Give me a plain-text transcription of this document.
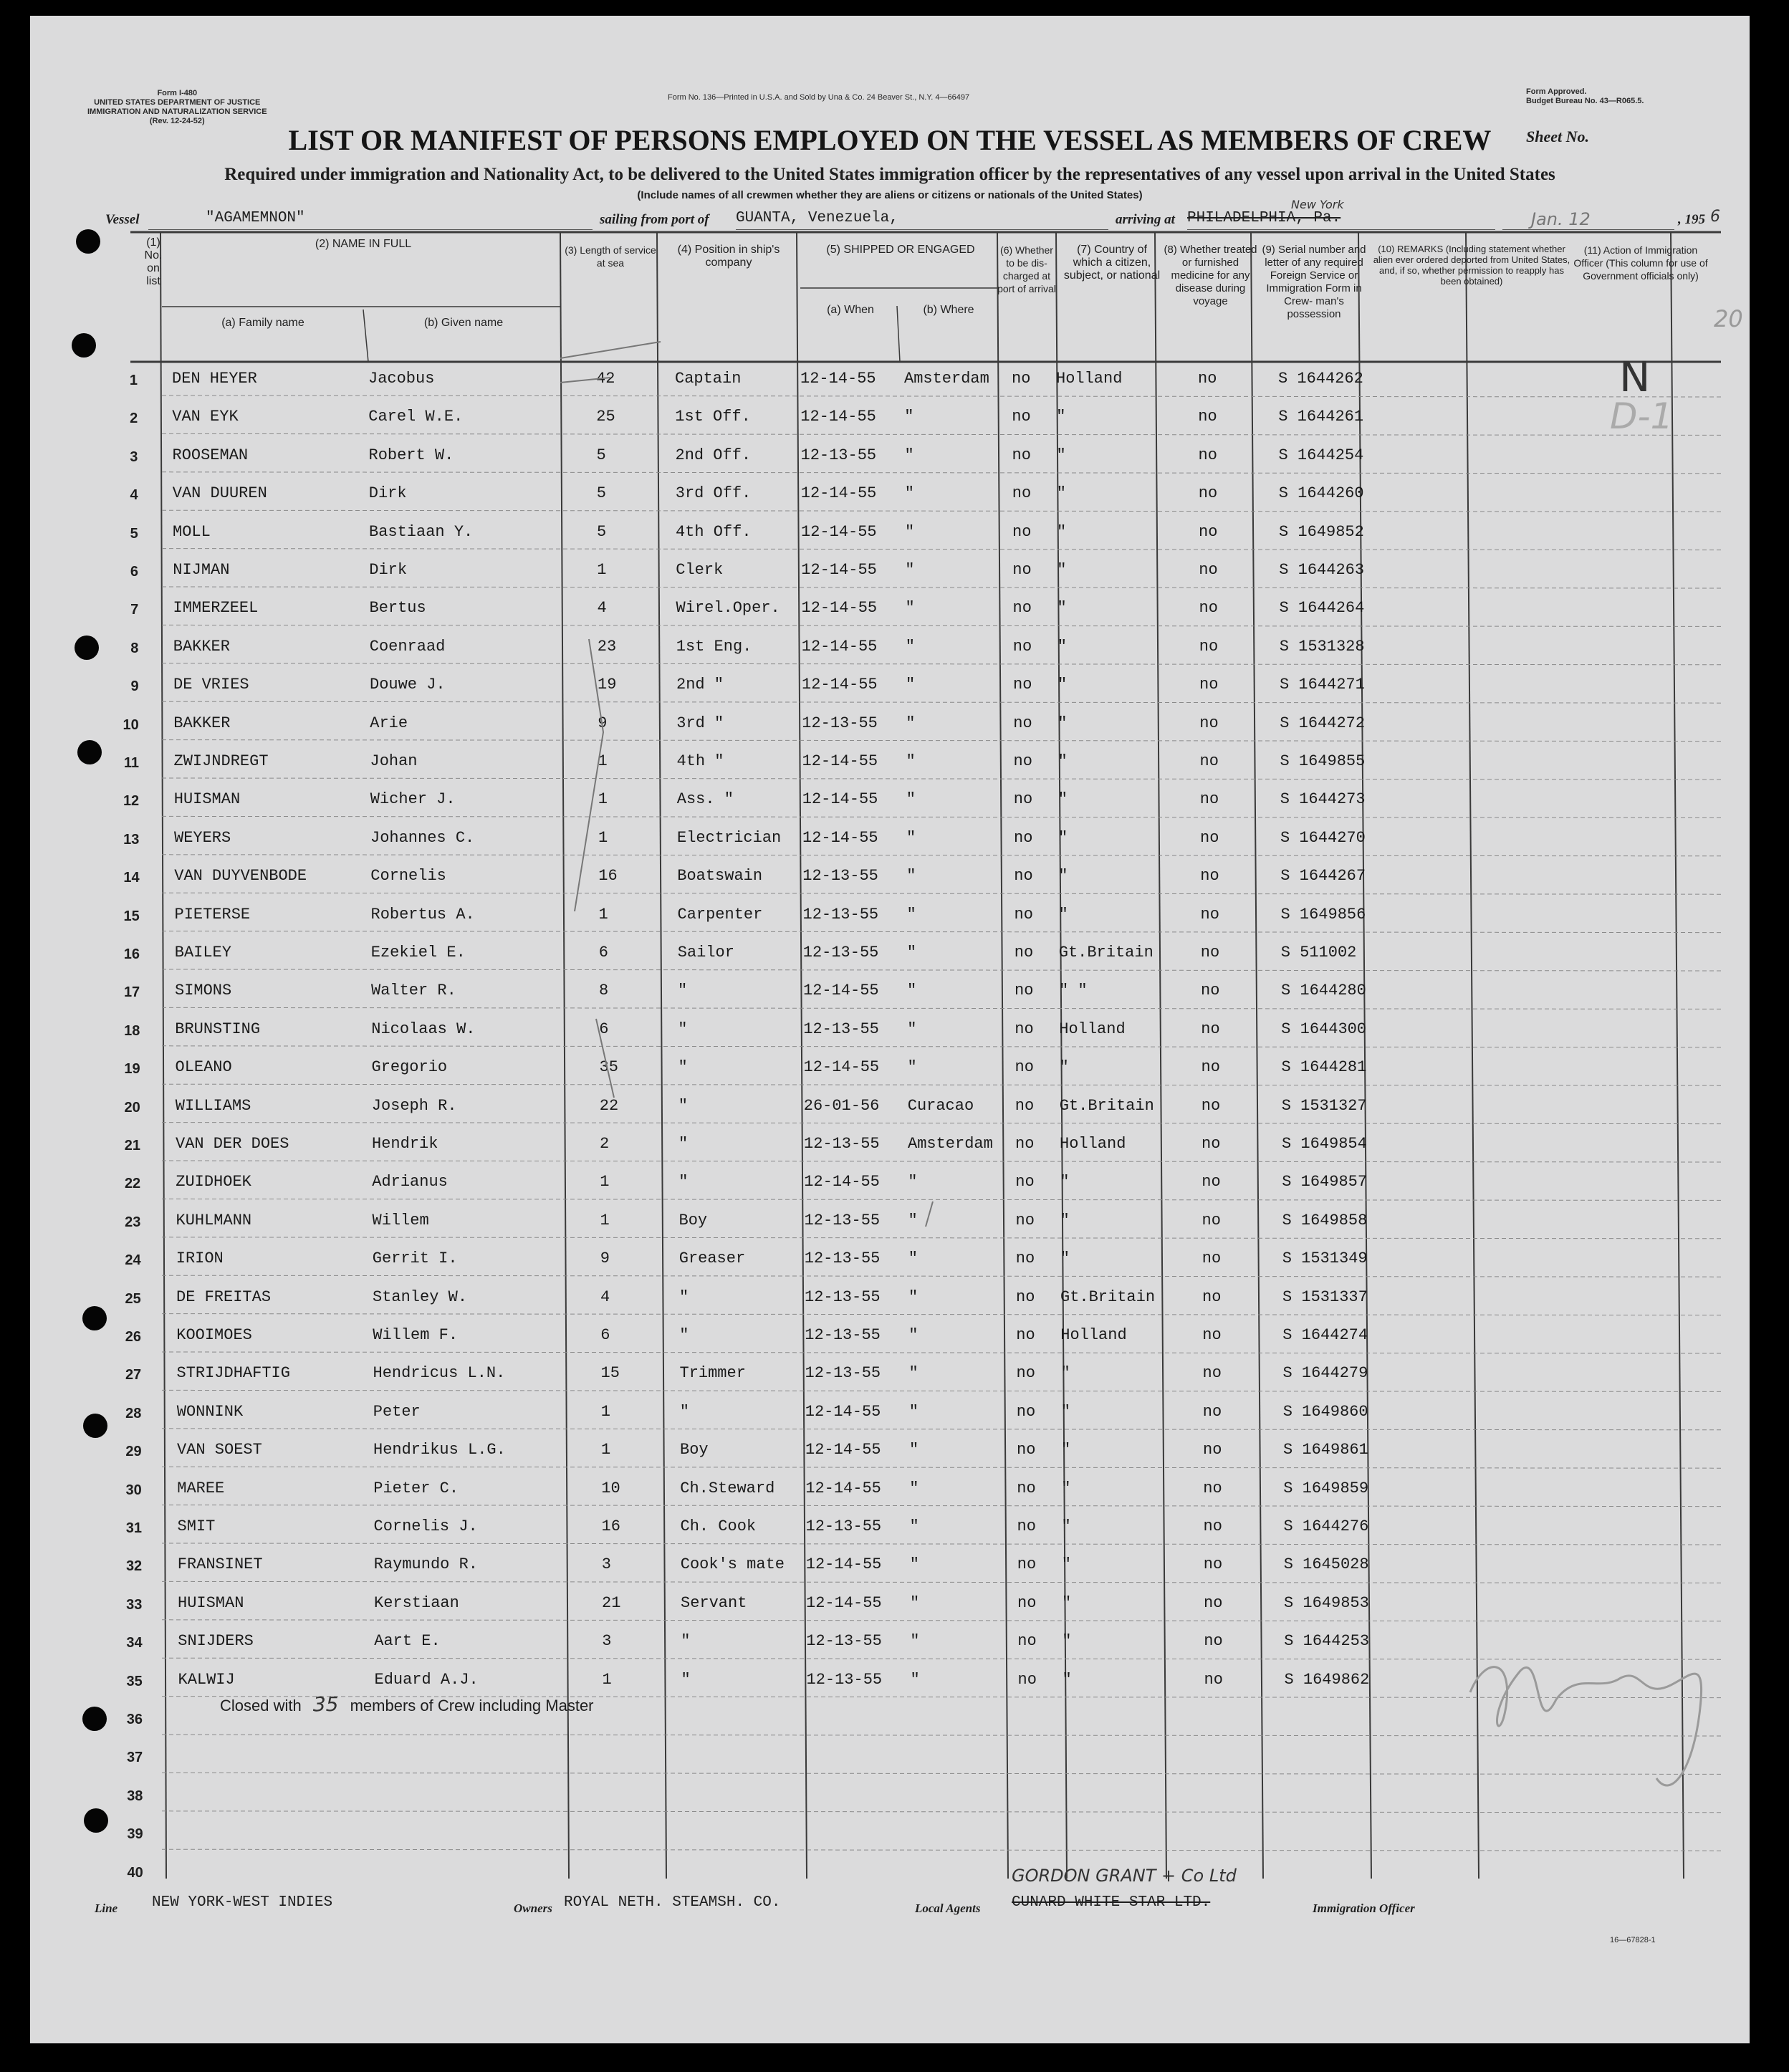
Form I-480
UNITED STATES DEPARTMENT OF JUSTICE
IMMIGRATION AND NATURALIZATION SERVICE
(Rev. 12-24-52)
Form No. 136—Printed in U.S.A. and Sold by Una & Co. 24 Beaver St., N.Y. 4—66497
Form Approved.
Budget Bureau No. 43—R065.5.
LIST OR MANIFEST OF PERSONS EMPLOYED ON THE VESSEL AS MEMBERS OF CREW	Sheet No.
Required under immigration and Nationality Act, to be delivered to the United States immigration officer by the representatives of any vessel upon arrival in the United States
(Include names of all crewmen whether they are aliens or citizens or nationals of the United States)
Vessel	"AGAMEMNON"	sailing from port of GUANTA, Venezuela,	arriving at PHILADELPHIA, Pa.
New York
Jan. 12	, 195 6
(1) No. on list
(2) NAME IN FULL
(a) Family name	(b) Given name
(3) Length of service at sea
(4) Position in ship's company
(5) SHIPPED OR ENGAGED
(a) When	(b) Where
(6) Whether to be dis- charged at port of arrival
(7) Country of which a citizen, subject, or national
(8) Whether treated or furnished medicine for any disease during voyage
(9) Serial number and letter of any required Foreign Service or Immigration Form in Crew- man's possession
(10) REMARKS (Including statement whether alien ever ordered deported from United States, and, if so, whether permission to reapply has been obtained)
(11) Action of Immigration Officer (This column for use of Government officials only)
20
N
D-1
1 DEN HEYER	Jacobus	42	Captain	12-14-55 Amsterdam no Holland	no	S 1644262
2 VAN EYK	Carel W.E.	25	1st Off.	12-14-55 "	no "	no	S 1644261
3 ROOSEMAN	Robert W.	5	2nd Off.	12-13-55 "	no "	no	S 1644254
4 VAN DUUREN	Dirk	5	3rd Off.	12-14-55 "	no "	no	S 1644260
5 MOLL	Bastiaan Y.	5	4th Off.	12-14-55 "	no "	no	S 1649852
6 NIJMAN	Dirk	1	Clerk	12-14-55 "	no "	no	S 1644263
7 IMMERZEEL	Bertus	4	Wirel.Oper. 12-14-55 "	no "	no	S 1644264
8 BAKKER	Coenraad	23	1st Eng.	12-14-55 "	no "	no	S 1531328
9 DE VRIES	Douwe J.	19	2nd "	12-14-55 "	no "	no	S 1644271
10 BAKKER	Arie	9	3rd "	12-13-55 "	no "	no	S 1644272
11 ZWIJNDREGT	Johan	1	4th "	12-14-55 "	no "	no	S 1649855
12 HUISMAN	Wicher J.	1	Ass. "	12-14-55 "	no "	no	S 1644273
13 WEYERS	Johannes C.	1	Electrician 12-14-55 "	no "	no	S 1644270
14 VAN DUYVENBODE	Cornelis	16	Boatswain	12-13-55 "	no "	no	S 1644267
15 PIETERSE	Robertus A.	1	Carpenter	12-13-55 "	no "	no	S 1649856
16 BAILEY	Ezekiel E.	6	Sailor	12-13-55 "	no Gt.Britain	no	S 511002
17 SIMONS	Walter R.	8	"	12-14-55 "	no " "	no	S 1644280
18 BRUNSTING	Nicolaas W.	6	"	12-13-55 "	no Holland	no	S 1644300
19 OLEANO	Gregorio	35	"	12-14-55 "	no "	no	S 1644281
20 WILLIAMS	Joseph R.	22	"	26-01-56 Curacao	no Gt.Britain	no	S 1531327
21 VAN DER DOES	Hendrik	2	"	12-13-55 Amsterdam no Holland	no	S 1649854
22 ZUIDHOEK	Adrianus	1	"	12-14-55 "	no "	no	S 1649857
23 KUHLMANN	Willem	1	Boy	12-13-55 "	no "	no	S 1649858
24 IRION	Gerrit I.	9	Greaser	12-13-55 "	no "	no	S 1531349
25 DE FREITAS	Stanley W.	4	"	12-13-55 "	no Gt.Britain	no	S 1531337
26 KOOIMOES	Willem F.	6	"	12-13-55 "	no Holland	no	S 1644274
27 STRIJDHAFTIG	Hendricus L.N.	15	Trimmer	12-13-55 "	no "	no	S 1644279
28 WONNINK	Peter	1	"	12-14-55 "	no "	no	S 1649860
29 VAN SOEST	Hendrikus L.G.	1	Boy	12-14-55 "	no "	no	S 1649861
30 MAREE	Pieter C.	10	Ch.Steward 12-14-55 "	no "	no	S 1649859
31 SMIT	Cornelis J.	16	Ch. Cook	12-13-55 "	no "	no	S 1644276
32 FRANSINET	Raymundo R.	3	Cook's mate 12-14-55 "	no "	no	S 1645028
33 HUISMAN	Kerstiaan	21	Servant	12-14-55 "	no "	no	S 1649853
34 SNIJDERS	Aart E.	3	"	12-13-55 "	no "	no	S 1644253
35 KALWIJ	Eduard A.J.	1	"	12-13-55 "	no "	no	S 1649862
36
37
38
39
40
Closed with 35 members of Crew including Master
Line NEW YORK-WEST INDIES	Owners ROYAL NETH. STEAMSH. CO.	Local Agents CUNARD WHITE STAR LTD.
GORDON GRANT + Co Ltd
Immigration Officer
16—67828-1
